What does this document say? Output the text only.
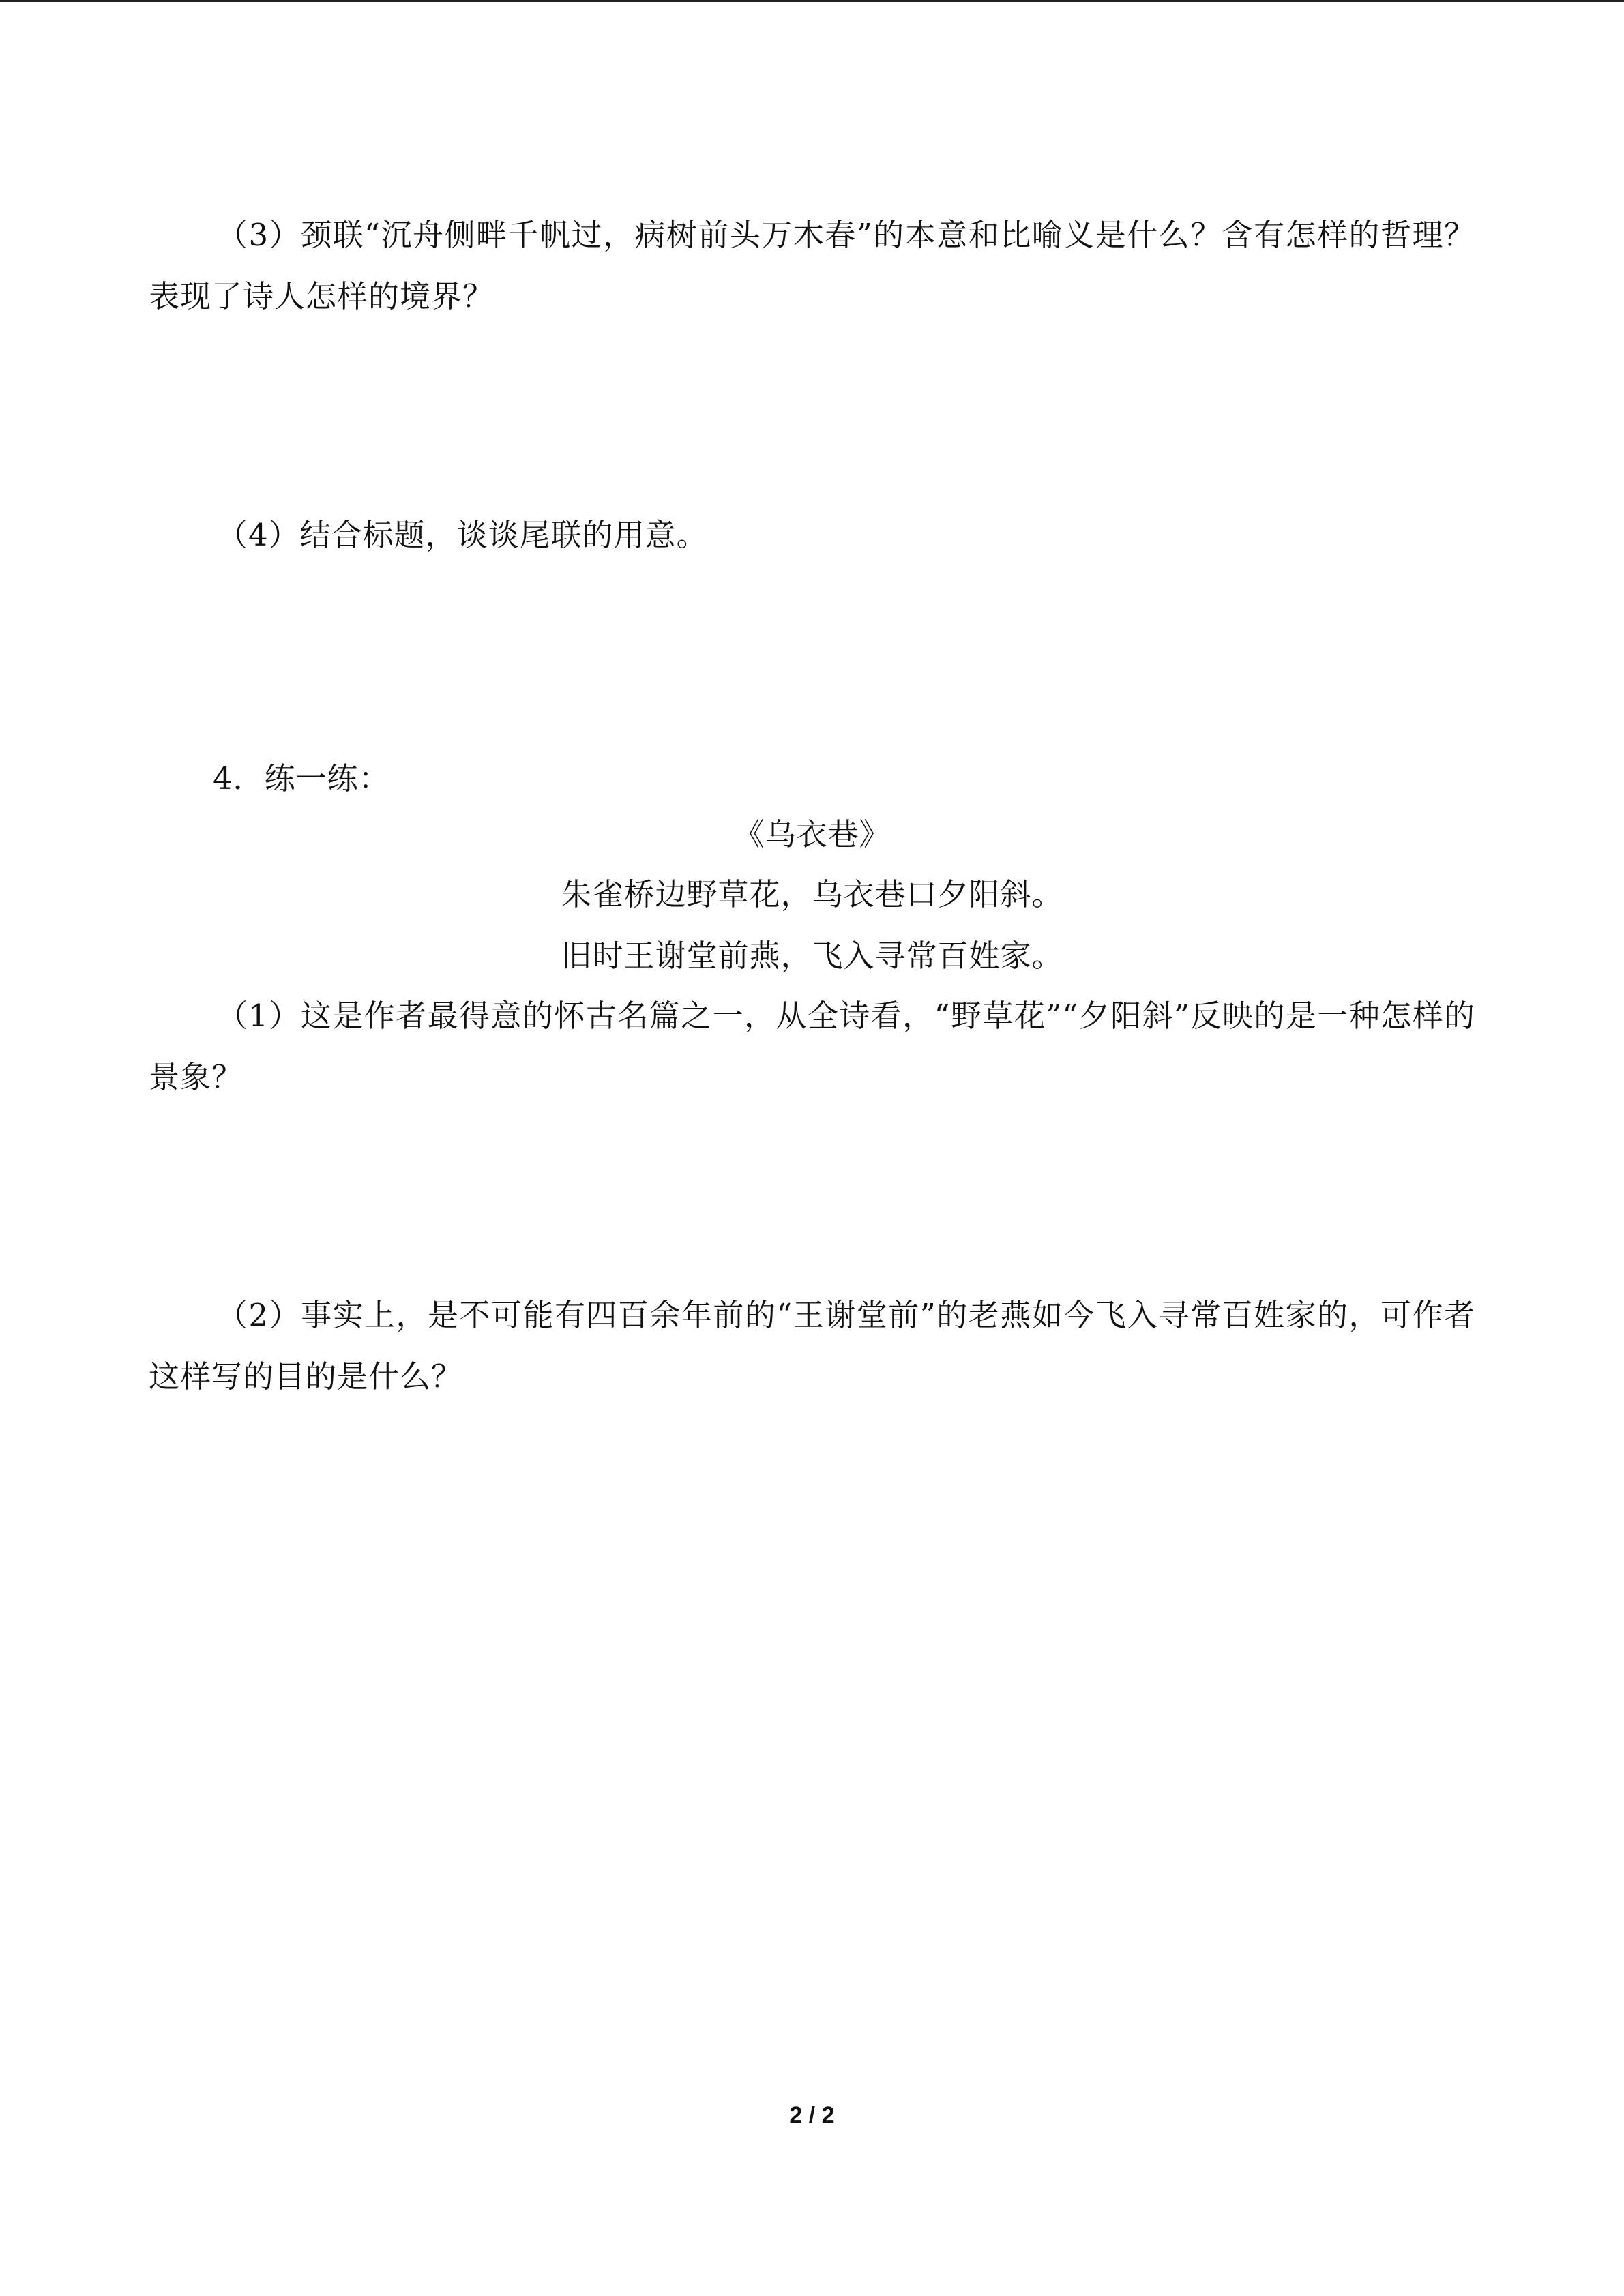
（3）颈联“沉舟侧畔千帆过，病树前头万木春”的本意和比喻义是什么？含有怎样的哲理？表现了诗人怎样的境界？
（4）结合标题，谈谈尾联的用意。
4．练一练：
《乌衣巷》
朱雀桥边野草花，乌衣巷口夕阳斜。
旧时王谢堂前燕，飞入寻常百姓家。
（1）这是作者最得意的怀古名篇之一，从全诗看，“野草花”“夕阳斜”反映的是一种怎样的景象？
（2）事实上，是不可能有四百余年前的“王谢堂前”的老燕如今飞入寻常百姓家的，可作者这样写的目的是什么？
2 / 2
